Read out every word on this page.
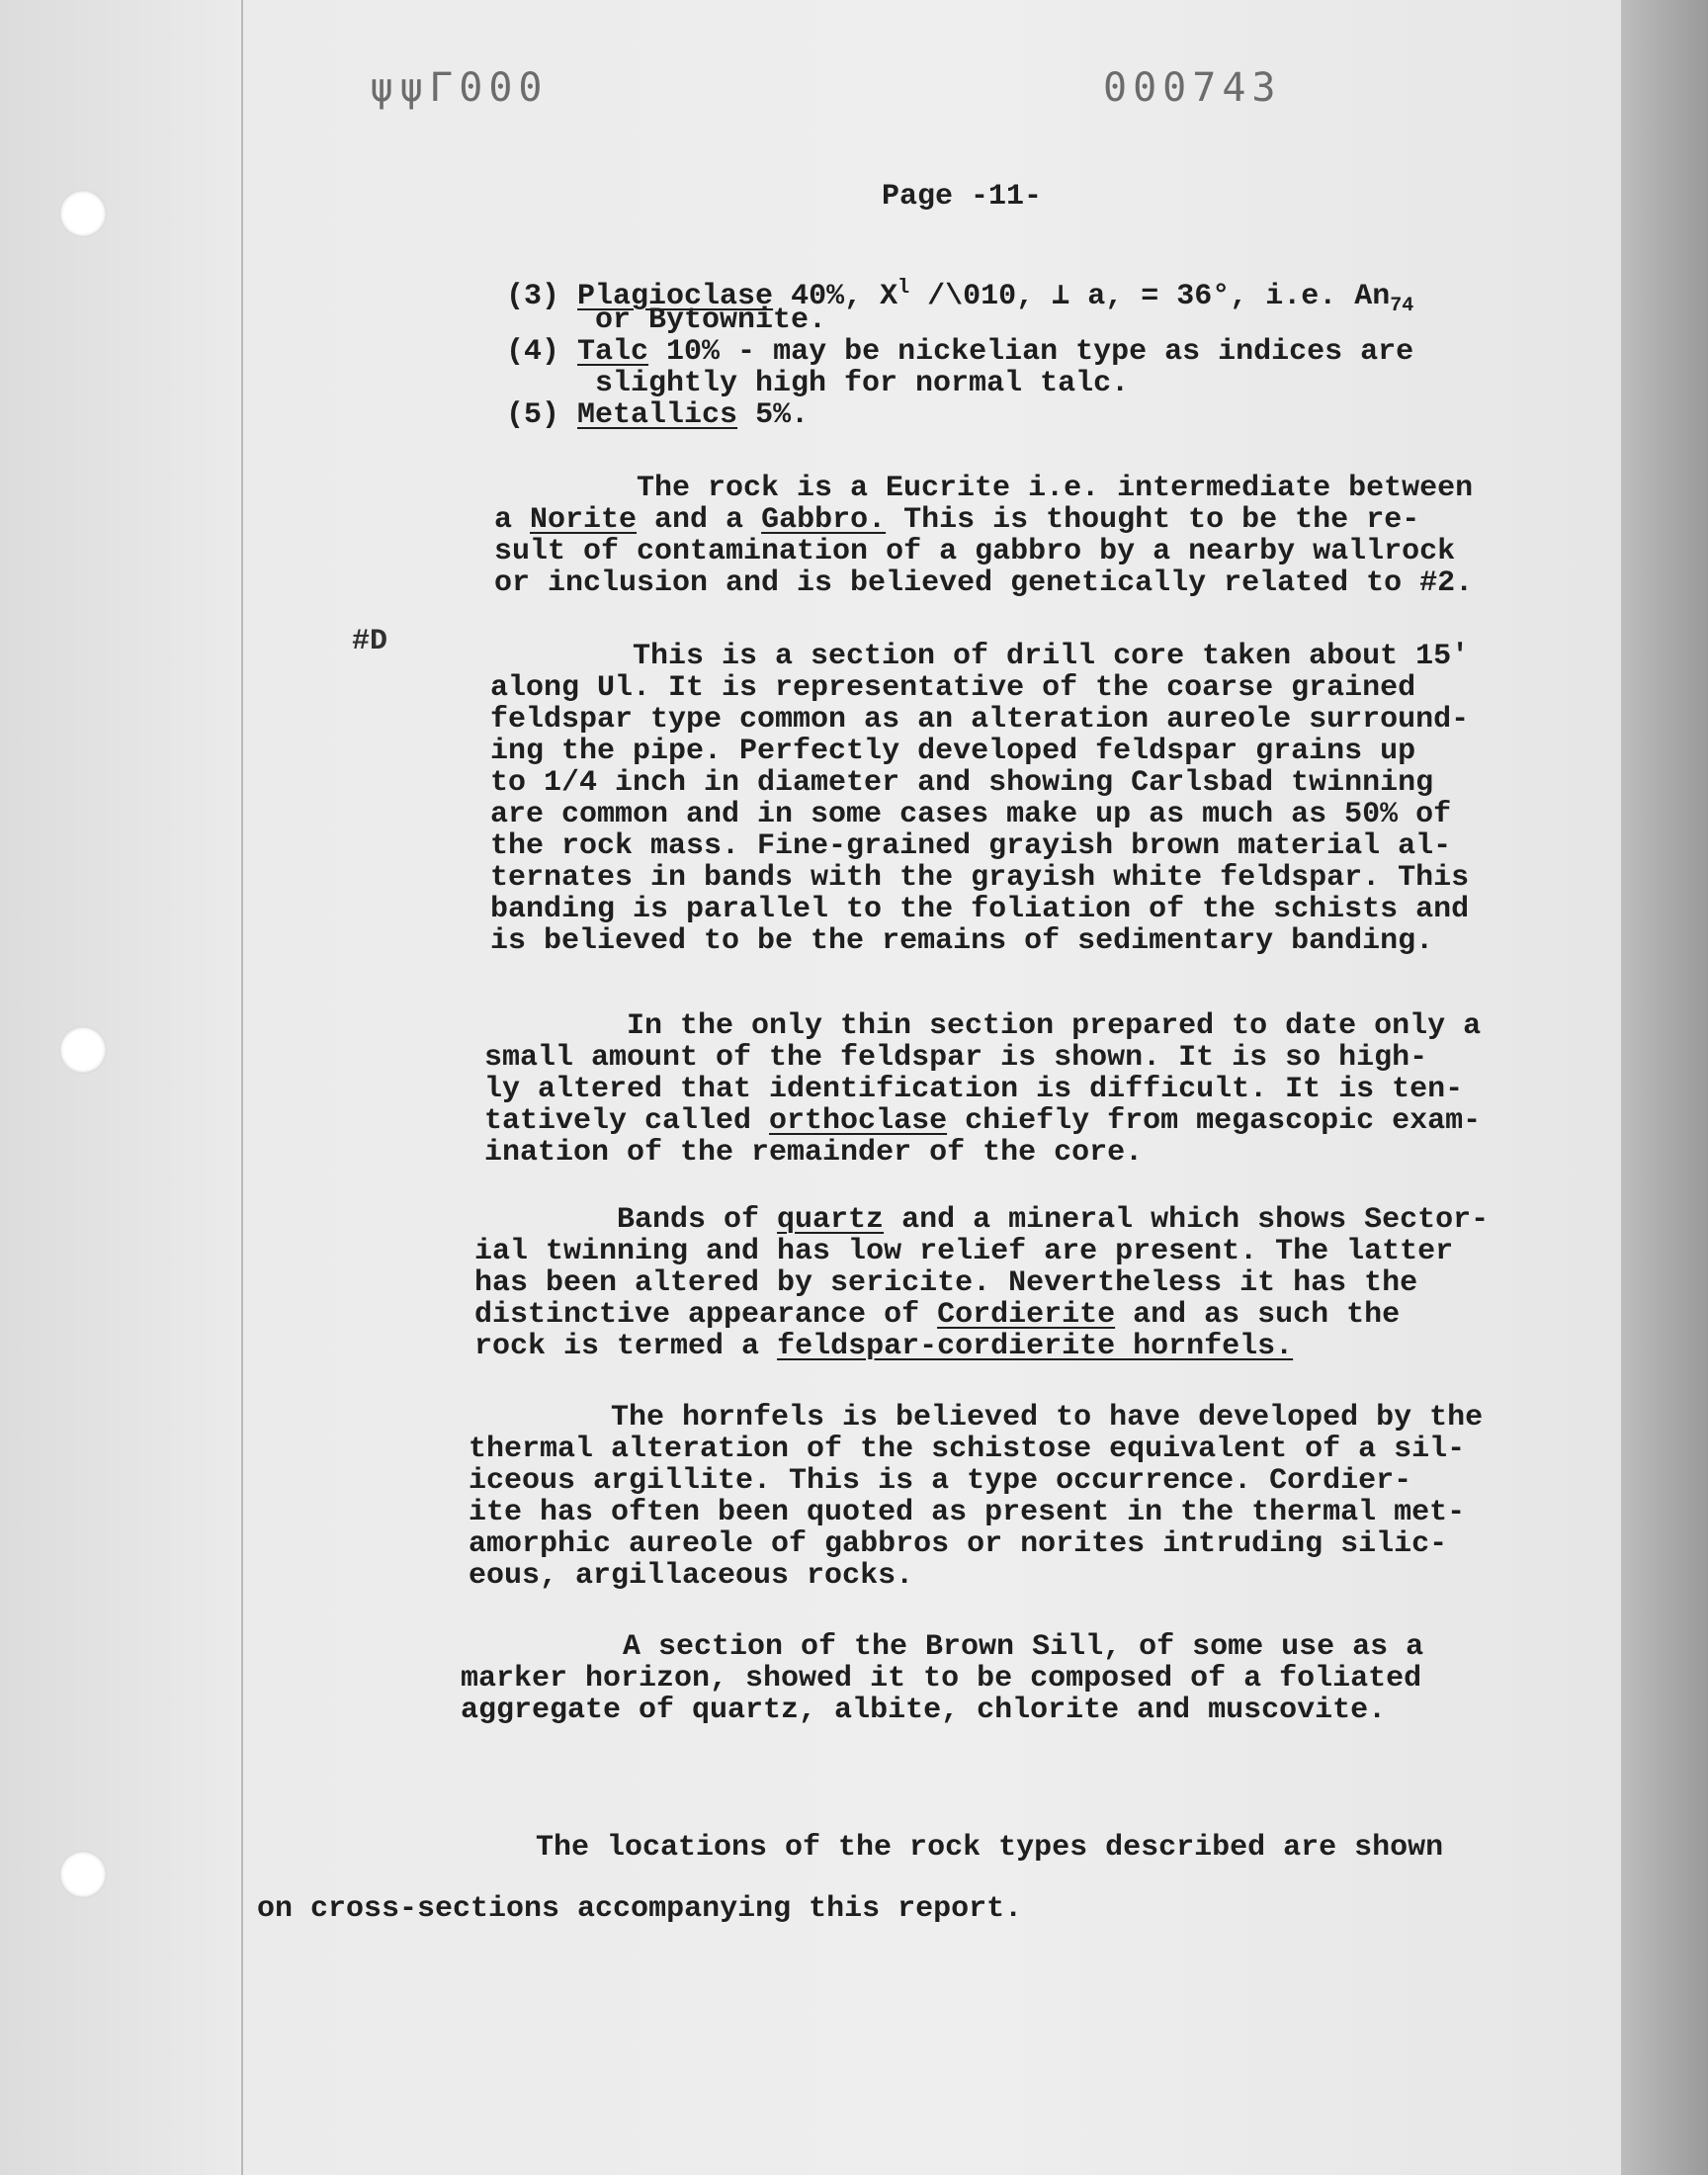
ψψΓ000	000743
Page -11-
(3) Plagioclase 40%, $X^l$ /\010, ⊥ a, = 36°, i.e. $An_{74}$
or Bytownite.
(4) Talc 10% - may be nickelian type as indices are
slightly high for normal talc.
(5) Metallics 5%.
The rock is a Eucrite i.e. intermediate between
a Norite and a Gabbro. This is thought to be the re-
sult of contamination of a gabbro by a nearby wallrock
or inclusion and is believed genetically related to #2.
#D	This is a section of drill core taken about 15'
along Ul. It is representative of the coarse grained
feldspar type common as an alteration aureole surround-
ing the pipe. Perfectly developed feldspar grains up
to 1/4 inch in diameter and showing Carlsbad twinning
are common and in some cases make up as much as 50% of
the rock mass. Fine-grained grayish brown material al-
ternates in bands with the grayish white feldspar. This
banding is parallel to the foliation of the schists and
is believed to be the remains of sedimentary banding.
In the only thin section prepared to date only a
small amount of the feldspar is shown. It is so high-
ly altered that identification is difficult. It is ten-
tatively called orthoclase chiefly from megascopic exam-
ination of the remainder of the core.
Bands of quartz and a mineral which shows Sector-
ial twinning and has low relief are present. The latter
has been altered by sericite. Nevertheless it has the
distinctive appearance of Cordierite and as such the
rock is termed a feldspar-cordierite hornfels.
The hornfels is believed to have developed by the
thermal alteration of the schistose equivalent of a sil-
iceous argillite. This is a type occurrence. Cordier-
ite has often been quoted as present in the thermal met-
amorphic aureole of gabbros or norites intruding silic-
eous, argillaceous rocks.
A section of the Brown Sill, of some use as a
marker horizon, showed it to be composed of a foliated
aggregate of quartz, albite, chlorite and muscovite.
The locations of the rock types described are shown
on cross-sections accompanying this report.
